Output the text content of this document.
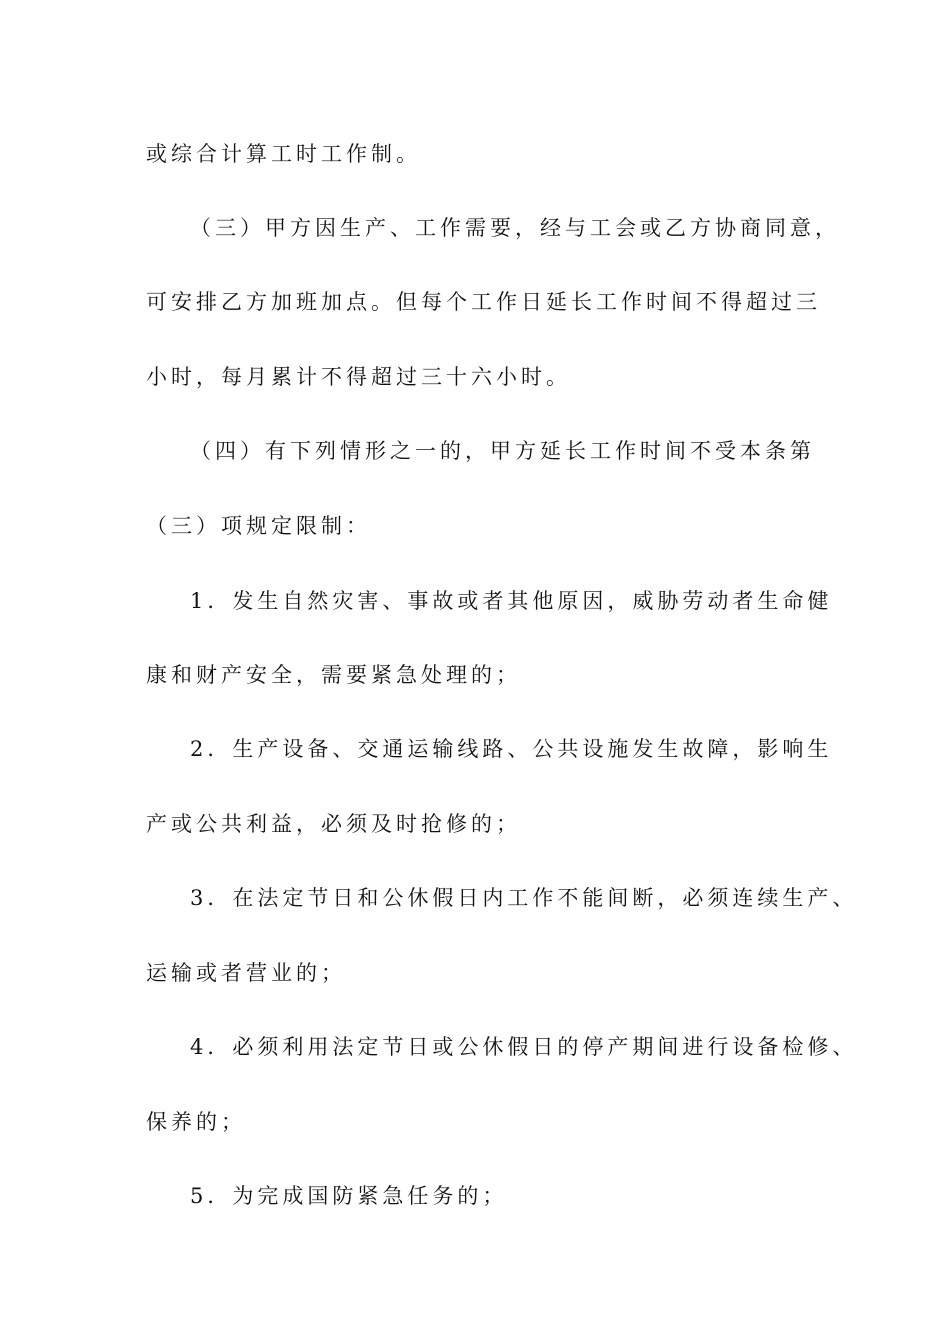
或综合计算工时工作制。
（三）甲方因生产、工作需要，经与工会或乙方协商同意，
可安排乙方加班加点。但每个工作日延长工作时间不得超过三
小时，每月累计不得超过三十六小时。
（四）有下列情形之一的，甲方延长工作时间不受本条第
（三）项规定限制：
1．发生自然灾害、事故或者其他原因，威胁劳动者生命健
康和财产安全，需要紧急处理的；
2．生产设备、交通运输线路、公共设施发生故障，影响生
产或公共利益，必须及时抢修的；
3．在法定节日和公休假日内工作不能间断，必须连续生产、
运输或者营业的；
4．必须利用法定节日或公休假日的停产期间进行设备检修、
保养的；
5．为完成国防紧急任务的；
